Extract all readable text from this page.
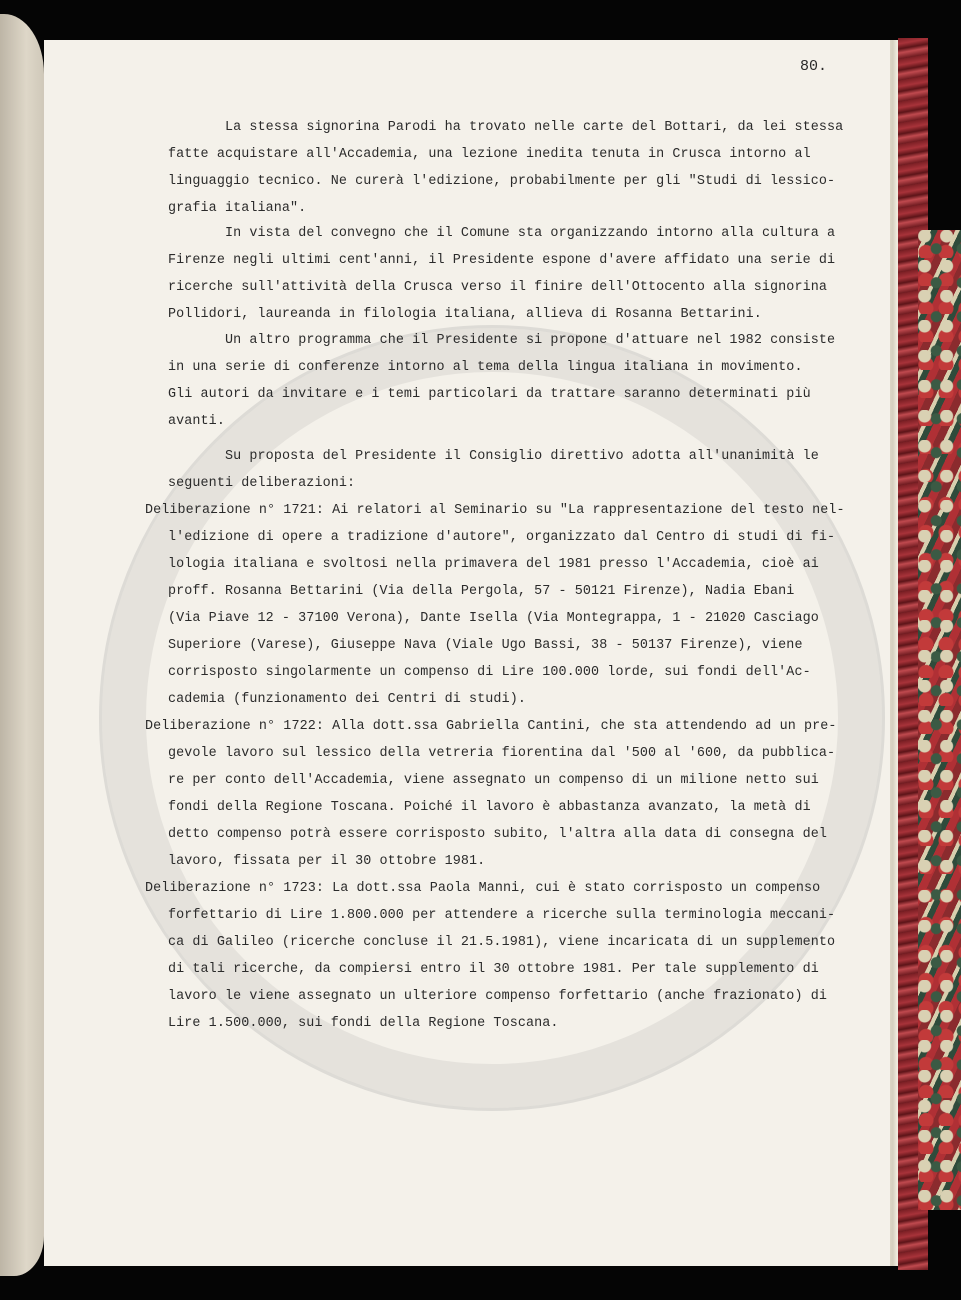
80.
La stessa signorina Parodi ha trovato nelle carte del Bottari, da lei stessa
fatte acquistare all'Accademia, una lezione inedita tenuta in Crusca intorno al
linguaggio tecnico. Ne curerà l'edizione, probabilmente per gli "Studi di lessico-
grafia italiana".
In vista del convegno che il Comune sta organizzando intorno alla cultura a
Firenze negli ultimi cent'anni, il Presidente espone d'avere affidato una serie di
ricerche sull'attività della Crusca verso il finire dell'Ottocento alla signorina
Pollidori, laureanda in filologia italiana, allieva di Rosanna Bettarini.
Un altro programma che il Presidente si propone d'attuare nel 1982 consiste
in una serie di conferenze intorno al tema della lingua italiana in movimento.
Gli autori da invitare e i temi particolari da trattare saranno determinati più
avanti.
Su proposta del Presidente il Consiglio direttivo adotta all'unanimità le
seguenti deliberazioni:
Deliberazione n° 1721: Ai relatori al Seminario su "La rappresentazione del testo nel-
l'edizione di opere a tradizione d'autore", organizzato dal Centro di studi di fi-
lologia italiana e svoltosi nella primavera del 1981 presso l'Accademia, cioè ai
proff. Rosanna Bettarini (Via della Pergola, 57 - 50121 Firenze), Nadia Ebani
(Via Piave 12 - 37100 Verona), Dante Isella (Via Montegrappa, 1 - 21020 Casciago
Superiore (Varese), Giuseppe Nava (Viale Ugo Bassi, 38 - 50137 Firenze), viene
corrisposto singolarmente un compenso di Lire 100.000 lorde, sui fondi dell'Ac-
cademia (funzionamento dei Centri di studi).
Deliberazione n° 1722: Alla dott.ssa Gabriella Cantini, che sta attendendo ad un pre-
gevole lavoro sul lessico della vetreria fiorentina dal '500 al '600, da pubblica-
re per conto dell'Accademia, viene assegnato un compenso di un milione netto sui
fondi della Regione Toscana. Poiché il lavoro è abbastanza avanzato, la metà di
detto compenso potrà essere corrisposto subito, l'altra alla data di consegna del
lavoro, fissata per il 30 ottobre 1981.
Deliberazione n° 1723: La dott.ssa Paola Manni, cui è stato corrisposto un compenso
forfettario di Lire 1.800.000 per attendere a ricerche sulla terminologia meccani-
ca di Galileo (ricerche concluse il 21.5.1981), viene incaricata di un supplemento
di tali ricerche, da compiersi entro il 30 ottobre 1981. Per tale supplemento di
lavoro le viene assegnato un ulteriore compenso forfettario (anche frazionato) di
Lire 1.500.000, sui fondi della Regione Toscana.
